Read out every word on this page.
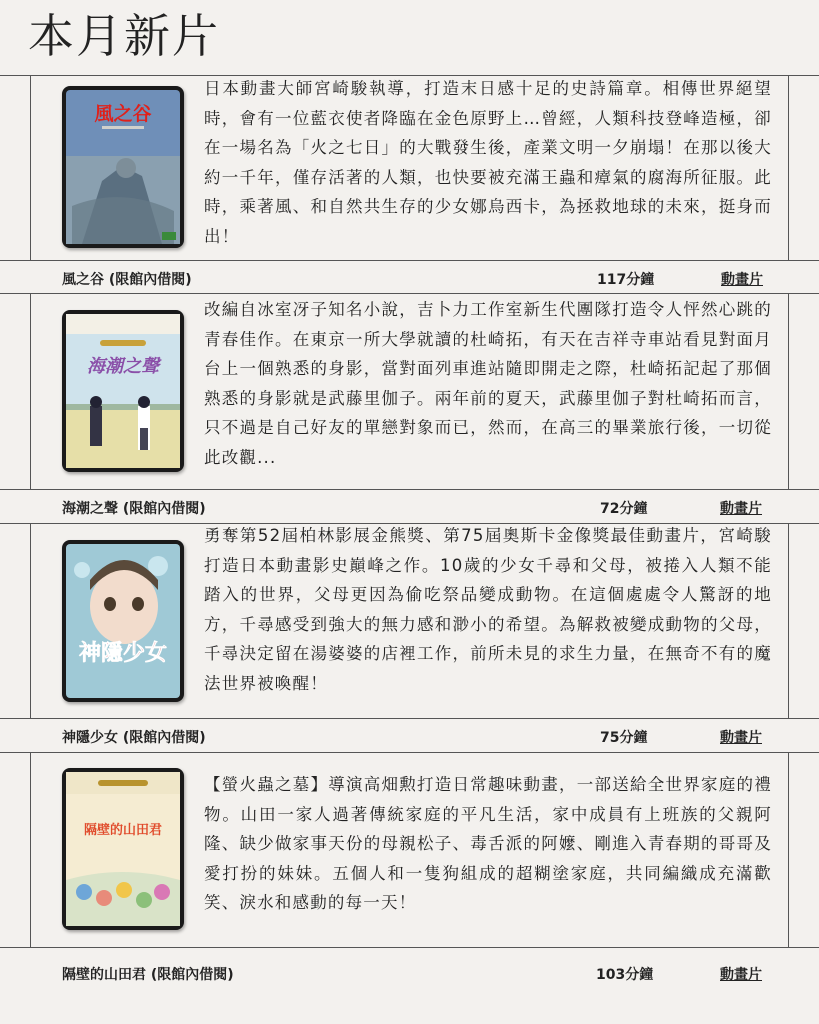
本月新片
風之谷
日本動畫大師宮崎駿執導，打造末日感十足的史詩篇章。相傳世界絕望時，會有一位藍衣使者降臨在金色原野上…曾經，人類科技登峰造極，卻在一場名為「火之七日」的大戰發生後，產業文明一夕崩塌！在那以後大約一千年，僅存活著的人類，也快要被充滿王蟲和瘴氣的腐海所征服。此時，乘著風、和自然共生存的少女娜烏西卡，為拯救地球的未來，挺身而出！
風之谷 (限館內借閱)	117分鐘	動畫片
海潮之聲
改編自冰室冴子知名小說，吉卜力工作室新生代團隊打造令人怦然心跳的青春佳作。在東京一所大學就讀的杜崎拓，有天在吉祥寺車站看見對面月台上一個熟悉的身影，當對面列車進站隨即開走之際，杜崎拓記起了那個熟悉的身影就是武藤里伽子。兩年前的夏天，武藤里伽子對杜崎拓而言，只不過是自己好友的單戀對象而已，然而，在高三的畢業旅行後，一切從此改觀...
海潮之聲 (限館內借閱)	72分鐘	動畫片
神隱少女
勇奪第52屆柏林影展金熊獎、第75屆奧斯卡金像獎最佳動畫片，宮崎駿打造日本動畫影史巔峰之作。10歲的少女千尋和父母，被捲入人類不能踏入的世界，父母更因為偷吃祭品變成動物。在這個處處令人驚訝的地方，千尋感受到強大的無力感和渺小的希望。為解救被變成動物的父母，千尋決定留在湯婆婆的店裡工作，前所未見的求生力量，在無奇不有的魔法世界被喚醒！
神隱少女 (限館內借閱)	75分鐘	動畫片
隔壁的山田君
【螢火蟲之墓】導演高畑勲打造日常趣味動畫，一部送給全世界家庭的禮物。山田一家人過著傳統家庭的平凡生活，家中成員有上班族的父親阿隆、缺少做家事天份的母親松子、毒舌派的阿嬤、剛進入青春期的哥哥及愛打扮的妹妹。五個人和一隻狗組成的超糊塗家庭，共同編織成充滿歡笑、淚水和感動的每一天！
隔壁的山田君 (限館內借閱)	103分鐘	動畫片
